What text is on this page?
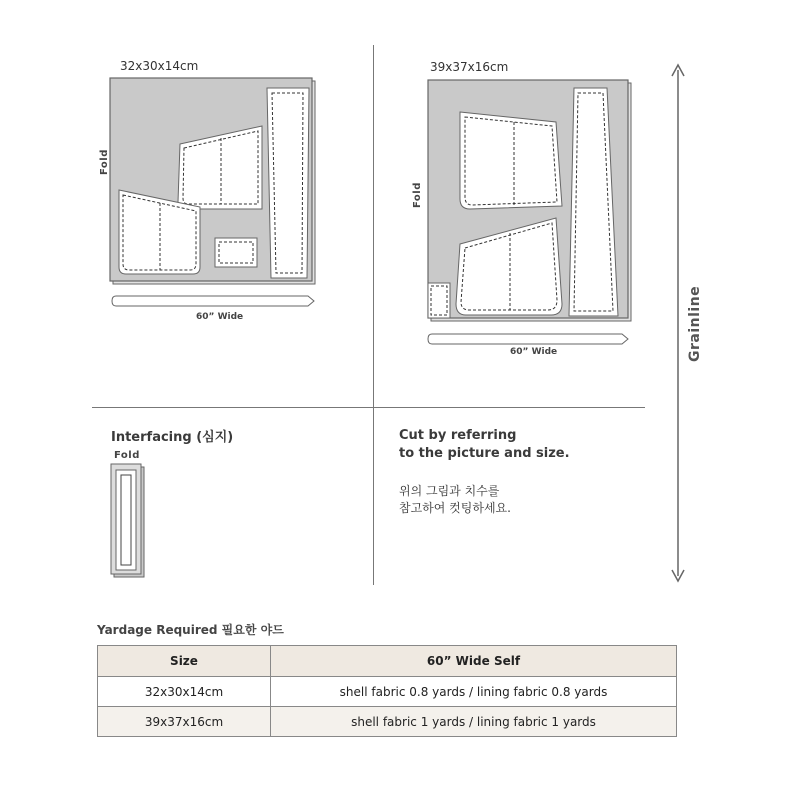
32x30x14cm
Fold
60” Wide
39x37x16cm
Fold
60” Wide	Grainline
Interfacing (심지)
Fold
Cut by referring
to the picture and size.
위의 그림과 치수를
참고하여 컷팅하세요.
Yardage Required 필요한 야드
Size	60” Wide Self
32x30x14cm	shell fabric 0.8 yards / lining fabric 0.8 yards
39x37x16cm	shell fabric 1 yards / lining fabric 1 yards
